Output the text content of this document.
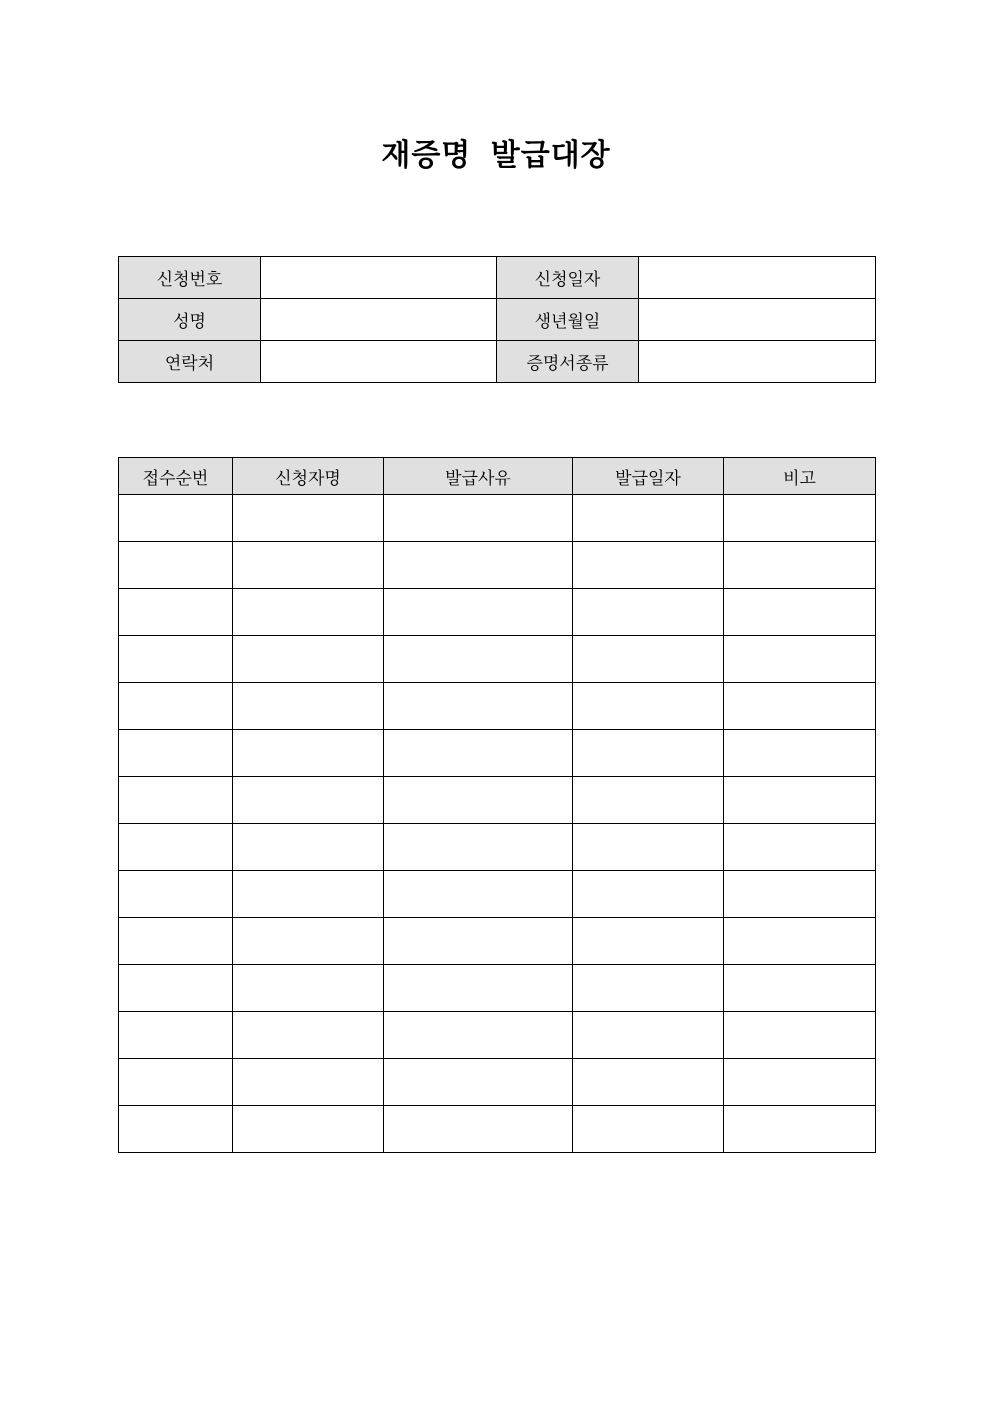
재증명 발급대장
신청번호		신청일자	
성명		생년월일	
연락처		증명서종류	
접수순번	신청자명	발급사유	발급일자	비고
